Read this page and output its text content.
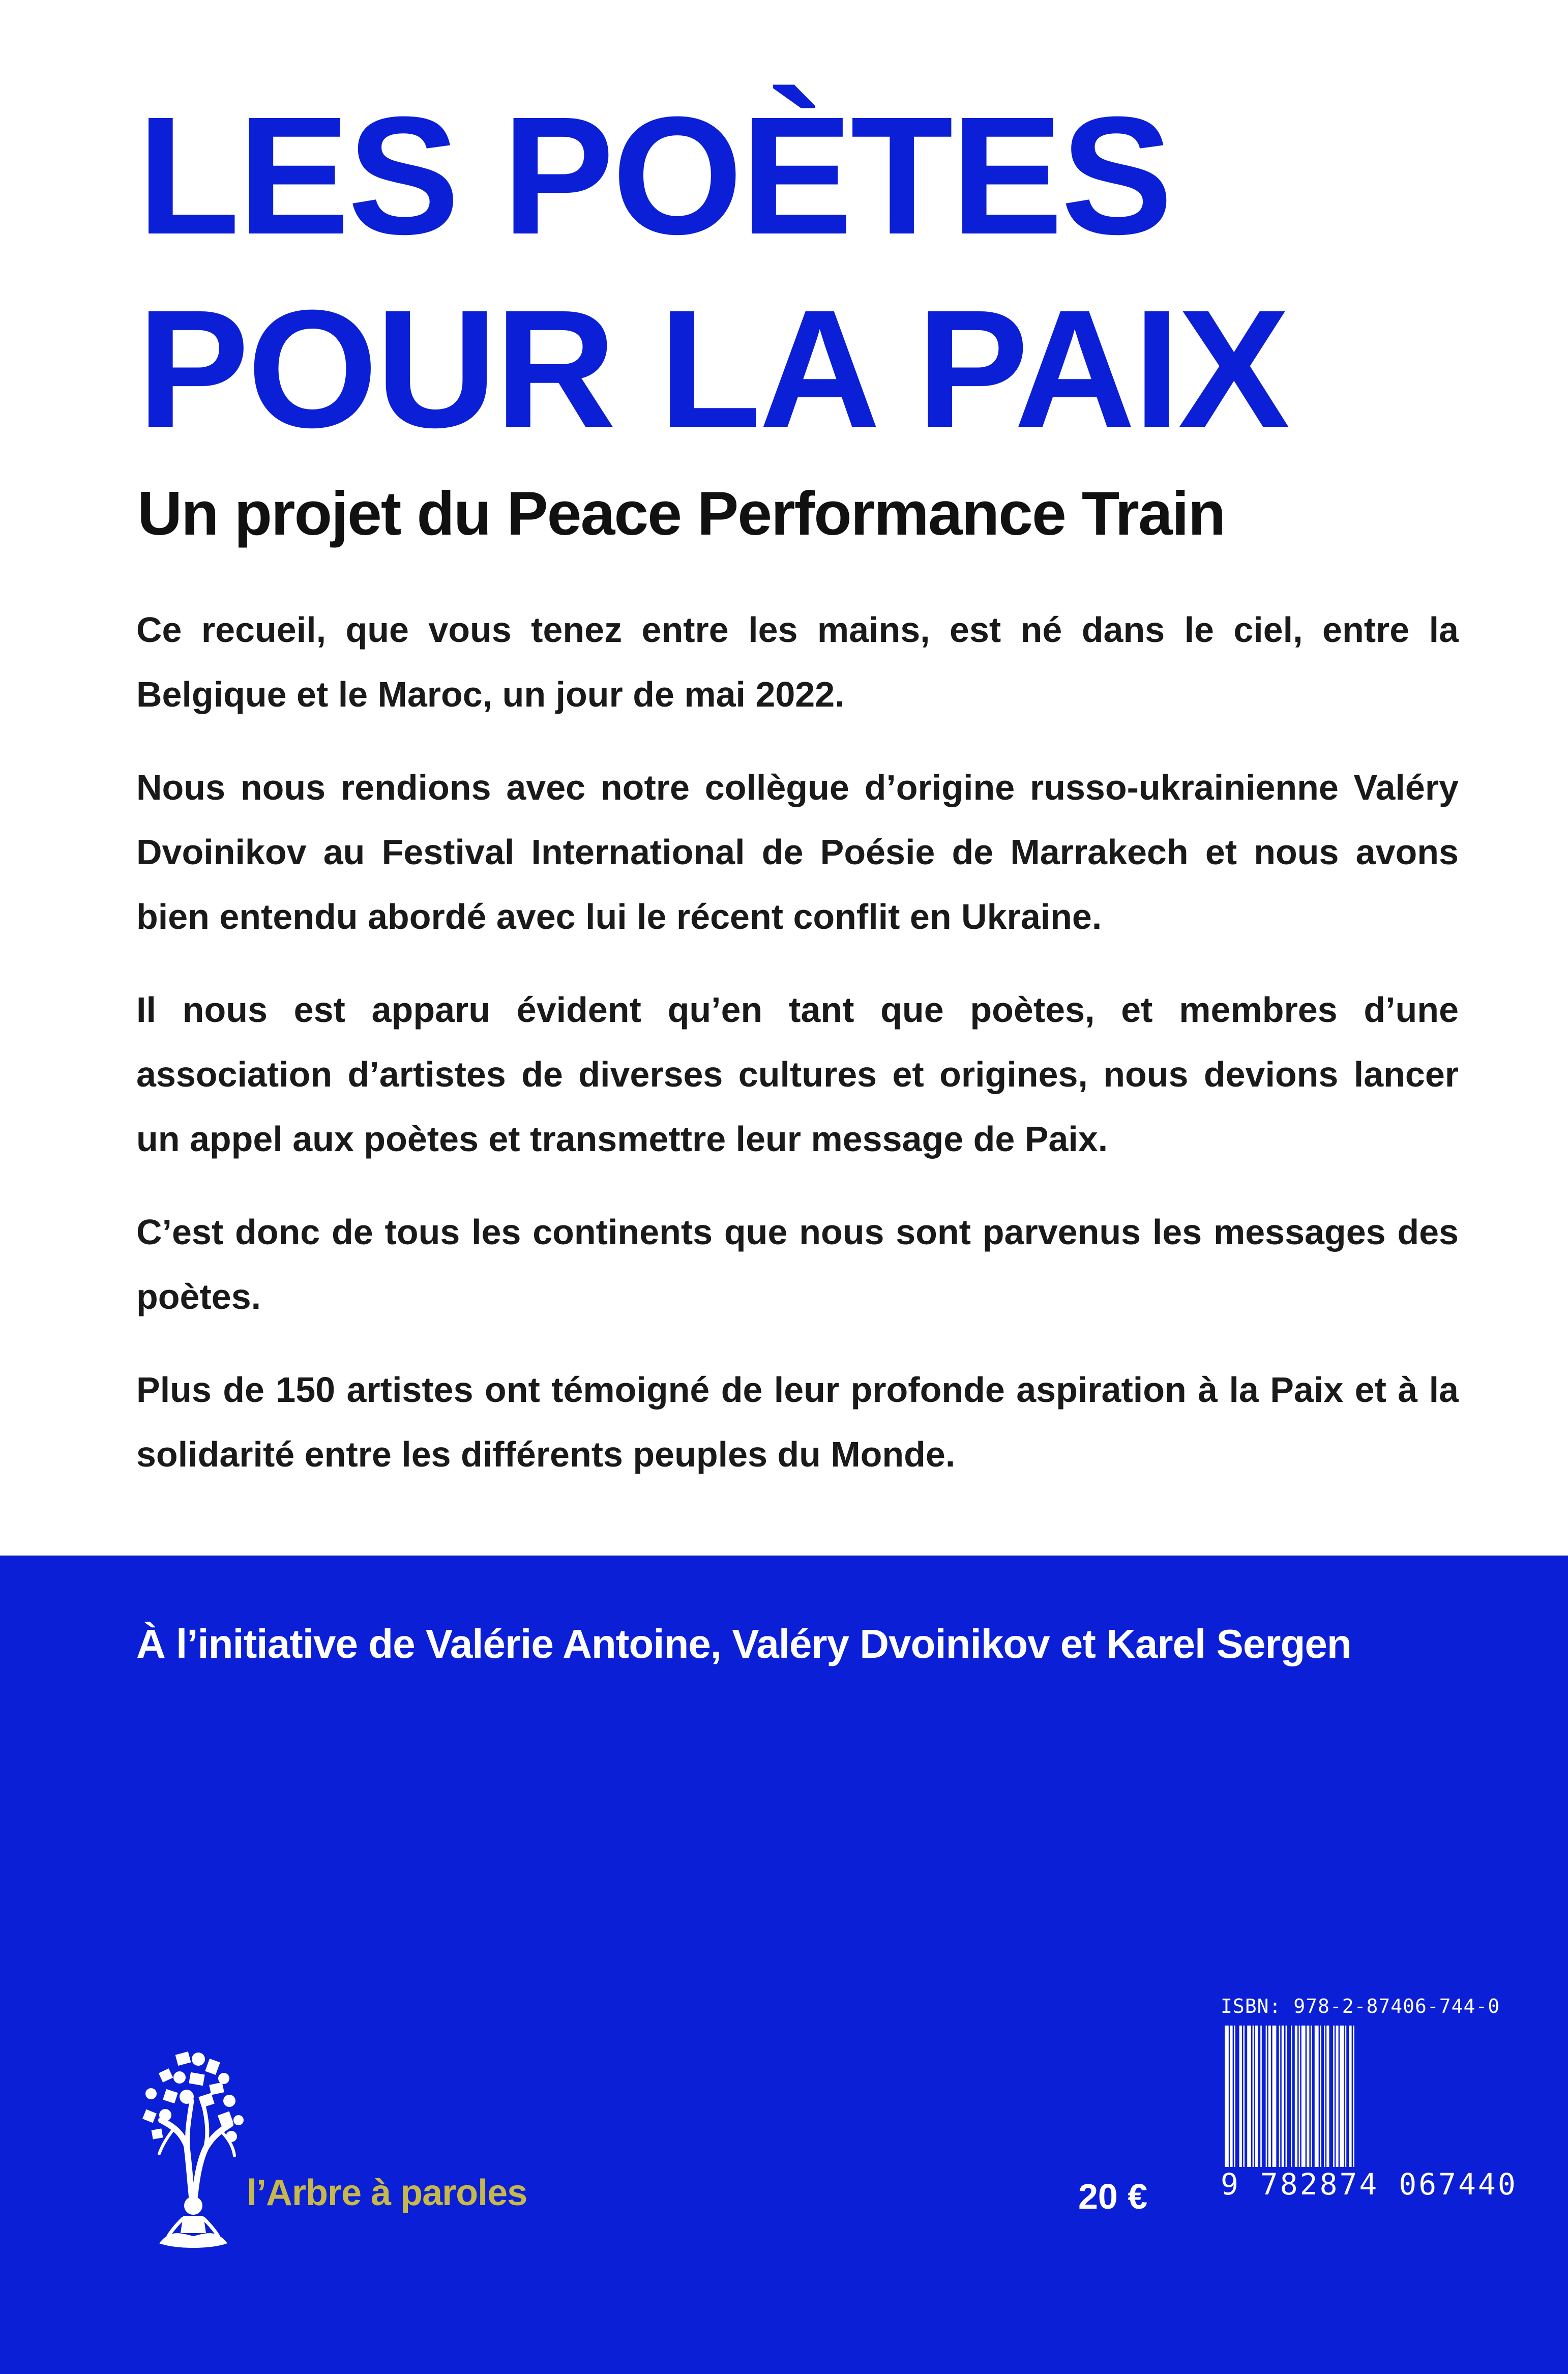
LES POÈTES
POUR LA PAIX
Un projet du Peace Performance Train

Ce recueil, que vous tenez entre les mains, est né dans le ciel, entre la Belgique et le Maroc, un jour de mai 2022.

Nous nous rendions avec notre collègue d’origine russo-ukrainienne Valéry Dvoinikov au Festival International de Poésie de Marrakech et nous avons bien entendu abordé avec lui le récent conflit en Ukraine.

Il nous est apparu évident qu’en tant que poètes, et membres d’une association d’artistes de diverses cultures et origines, nous devions lancer un appel aux poètes et transmettre leur message de Paix.

C’est donc de tous les continents que nous sont parvenus les messages des poètes.

Plus de 150 artistes ont témoigné de leur profonde aspiration à la Paix et à la solidarité entre les différents peuples du Monde.

À l’initiative de Valérie Antoine, Valéry Dvoinikov et Karel Sergen

l’Arbre à paroles	20 €

ISBN: 978-2-87406-744-0

9 782874 067440
